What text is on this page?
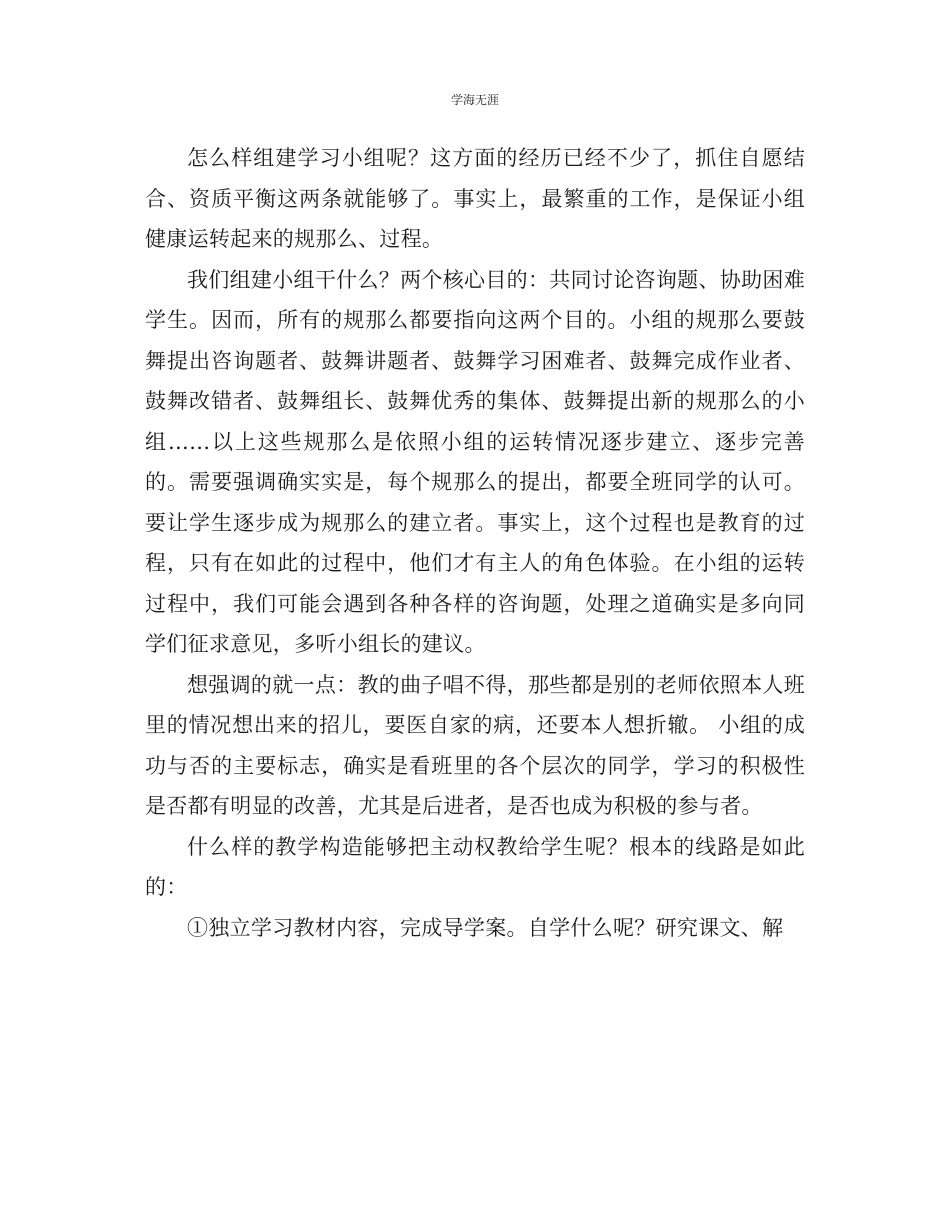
学海无涯

怎么样组建学习小组呢？这方面的经历已经不少了，抓住自愿结合、资质平衡这两条就能够了。事实上，最繁重的工作，是保证小组健康运转起来的规那么、过程。

我们组建小组干什么？两个核心目的：共同讨论咨询题、协助困难学生。因而，所有的规那么都要指向这两个目的。小组的规那么要鼓舞提出咨询题者、鼓舞讲题者、鼓舞学习困难者、鼓舞完成作业者、鼓舞改错者、鼓舞组长、鼓舞优秀的集体、鼓舞提出新的规那么的小组……以上这些规那么是依照小组的运转情况逐步建立、逐步完善的。需要强调确实实是，每个规那么的提出，都要全班同学的认可。要让学生逐步成为规那么的建立者。事实上，这个过程也是教育的过程，只有在如此的过程中，他们才有主人的角色体验。在小组的运转过程中，我们可能会遇到各种各样的咨询题，处理之道确实是多向同学们征求意见，多听小组长的建议。

想强调的就一点：教的曲子唱不得，那些都是别的老师依照本人班里的情况想出来的招儿，要医自家的病，还要本人想折辙。 小组的成功与否的主要标志，确实是看班里的各个层次的同学，学习的积极性是否都有明显的改善，尤其是后进者，是否也成为积极的参与者。

什么样的教学构造能够把主动权教给学生呢？根本的线路是如此的：

①独立学习教材内容，完成导学案。自学什么呢？研究课文、解
